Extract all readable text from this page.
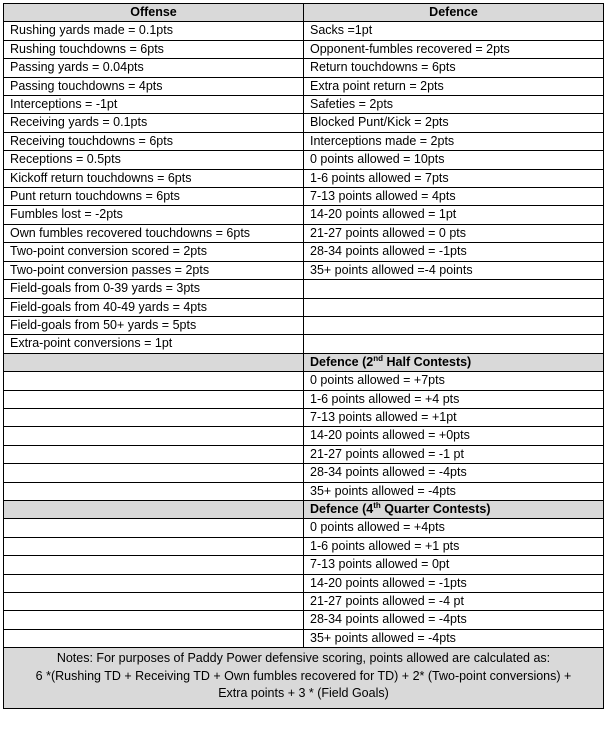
Offense	Defence
Rushing yards made = 0.1pts	Sacks =1pt
Rushing touchdowns = 6pts	Opponent-fumbles recovered = 2pts
Passing yards = 0.04pts	Return touchdowns = 6pts
Passing touchdowns = 4pts	Extra point return = 2pts
Interceptions = -1pt	Safeties = 2pts
Receiving yards = 0.1pts	Blocked Punt/Kick = 2pts
Receiving touchdowns = 6pts	Interceptions made = 2pts
Receptions = 0.5pts	0 points allowed = 10pts
Kickoff return touchdowns = 6pts	1-6 points allowed = 7pts
Punt return touchdowns = 6pts	7-13 points allowed = 4pts
Fumbles lost = -2pts	14-20 points allowed = 1pt
Own fumbles recovered touchdowns = 6pts	21-27 points allowed = 0 pts
Two-point conversion scored = 2pts	28-34 points allowed = -1pts
Two-point conversion passes = 2pts	35+ points allowed =-4 points
Field-goals from 0-39 yards = 3pts	
Field-goals from 40-49 yards = 4pts	
Field-goals from 50+ yards = 5pts	
Extra-point conversions = 1pt	
	Defence (2nd Half Contests)
	0 points allowed = +7pts
	1-6 points allowed = +4 pts
	7-13 points allowed = +1pt
	14-20 points allowed = +0pts
	21-27 points allowed = -1 pt
	28-34 points allowed = -4pts
	35+ points allowed = -4pts
	Defence (4th Quarter Contests)
	0 points allowed = +4pts
	1-6 points allowed = +1 pts
	7-13 points allowed = 0pt
	14-20 points allowed = -1pts
	21-27 points allowed = -4 pt
	28-34 points allowed = -4pts
	35+ points allowed = -4pts

Notes: For purposes of Paddy Power defensive scoring, points allowed are calculated as:
6 *(Rushing TD + Receiving TD + Own fumbles recovered for TD) + 2* (Two-point conversions) +
Extra points + 3 * (Field Goals)	
